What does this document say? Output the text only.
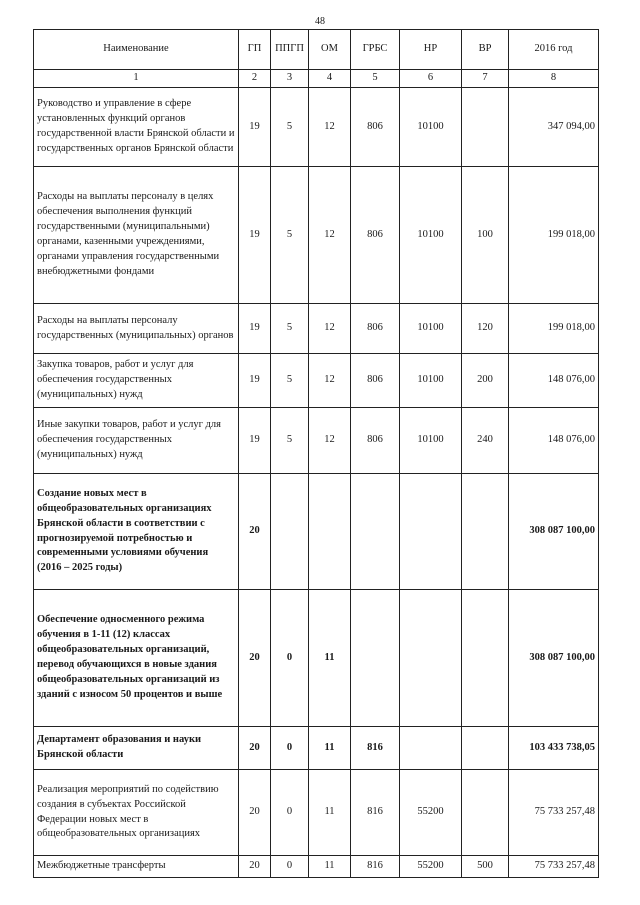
48
Наименование	ГП	ППГП	ОМ	ГРБС	НР	ВР	2016 год
1	2	3	4	5	6	7	8
Руководство и управление в сфере установленных функций органов государственной власти Брянской области и государственных органов Брянской области	19	5	12	806	10100		347 094,00
Расходы на выплаты персоналу в целях обеспечения выполнения функций государственными (муниципальными) органами, казенными учреждениями, органами управления государственными внебюджетными фондами	19	5	12	806	10100	100	199 018,00
Расходы на выплаты персоналу государственных (муниципальных) органов	19	5	12	806	10100	120	199 018,00
Закупка товаров, работ и услуг для обеспечения государственных (муниципальных) нужд	19	5	12	806	10100	200	148 076,00
Иные закупки товаров, работ и услуг для обеспечения государственных (муниципальных) нужд	19	5	12	806	10100	240	148 076,00
Создание новых мест в общеобразовательных организациях Брянской области в соответствии с прогнозируемой потребностью и современными условиями обучения (2016 – 2025 годы)	20						308 087 100,00
Обеспечение односменного режима обучения в 1-11 (12) классах общеобразовательных организаций, перевод обучающихся в новые здания общеобразовательных организаций из зданий с износом 50 процентов и выше	20	0	11				308 087 100,00
Департамент образования и науки Брянской области	20	0	11	816			103 433 738,05
Реализация мероприятий по содействию создания в субъектах Российской Федерации новых мест в общеобразовательных организациях	20	0	11	816	55200		75 733 257,48
Межбюджетные трансферты	20	0	11	816	55200	500	75 733 257,48
